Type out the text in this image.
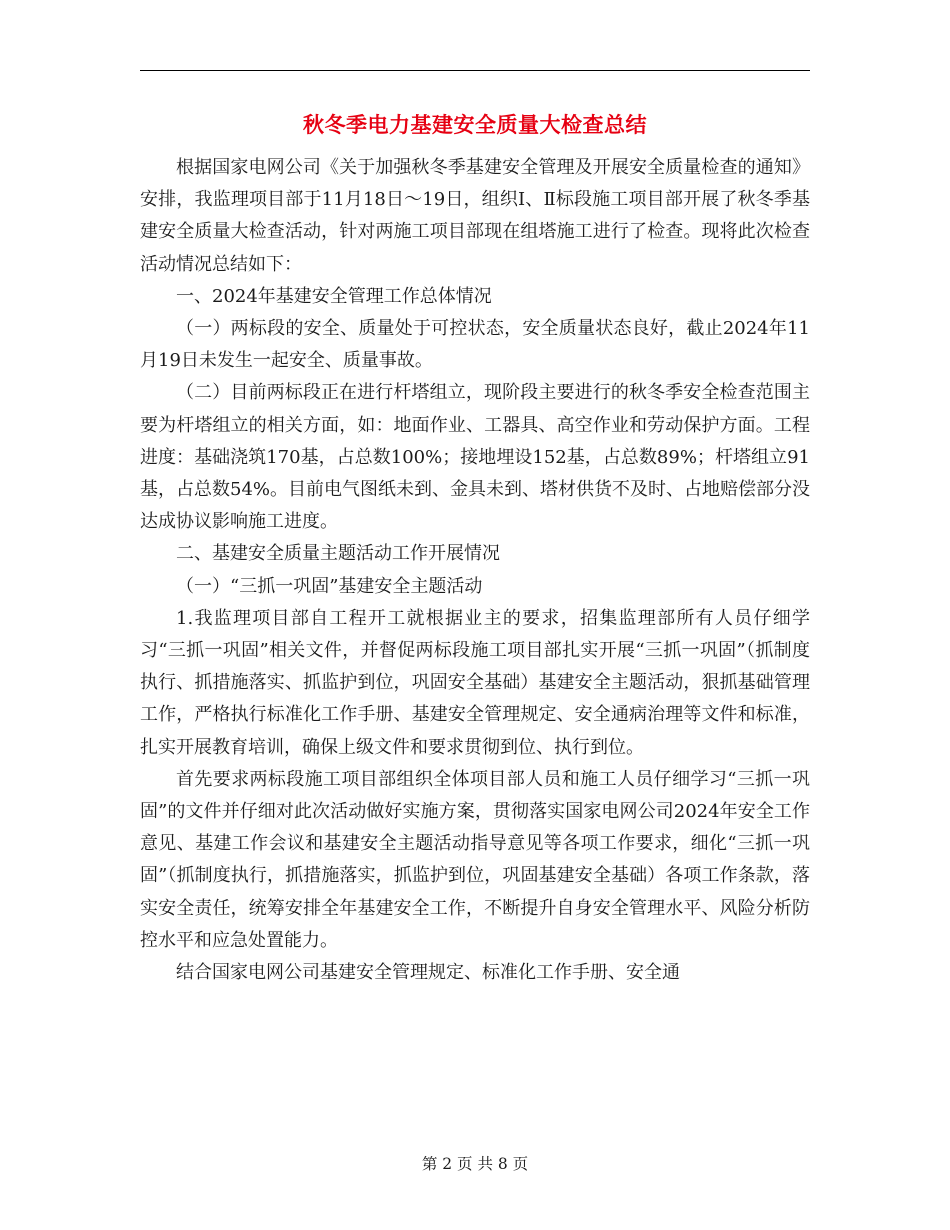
秋冬季电力基建安全质量大检查总结

根据国家电网公司《关于加强秋冬季基建安全管理及开展安全质量检查的通知》安排，我监理项目部于11月18日～19日，组织Ⅰ、Ⅱ标段施工项目部开展了秋冬季基建安全质量大检查活动，针对两施工项目部现在组塔施工进行了检查。现将此次检查活动情况总结如下：

一、2024年基建安全管理工作总体情况

（一）两标段的安全、质量处于可控状态，安全质量状态良好，截止2024年11月19日未发生一起安全、质量事故。

（二）目前两标段正在进行杆塔组立，现阶段主要进行的秋冬季安全检查范围主要为杆塔组立的相关方面，如：地面作业、工器具、高空作业和劳动保护方面。工程进度：基础浇筑170基，占总数100%；接地埋设152基，占总数89%；杆塔组立91基，占总数54%。目前电气图纸未到、金具未到、塔材供货不及时、占地赔偿部分没达成协议影响施工进度。

二、基建安全质量主题活动工作开展情况

（一）“三抓一巩固”基建安全主题活动

1.我监理项目部自工程开工就根据业主的要求，招集监理部所有人员仔细学习“三抓一巩固”相关文件，并督促两标段施工项目部扎实开展“三抓一巩固”（抓制度执行、抓措施落实、抓监护到位，巩固安全基础）基建安全主题活动，狠抓基础管理工作，严格执行标准化工作手册、基建安全管理规定、安全通病治理等文件和标准，扎实开展教育培训，确保上级文件和要求贯彻到位、执行到位。

首先要求两标段施工项目部组织全体项目部人员和施工人员仔细学习“三抓一巩固”的文件并仔细对此次活动做好实施方案，贯彻落实国家电网公司2024年安全工作意见、基建工作会议和基建安全主题活动指导意见等各项工作要求，细化“三抓一巩固”（抓制度执行，抓措施落实，抓监护到位，巩固基建安全基础）各项工作条款，落实安全责任，统筹安排全年基建安全工作，不断提升自身安全管理水平、风险分析防控水平和应急处置能力。

结合国家电网公司基建安全管理规定、标准化工作手册、安全通

第 2 页 共 8 页
